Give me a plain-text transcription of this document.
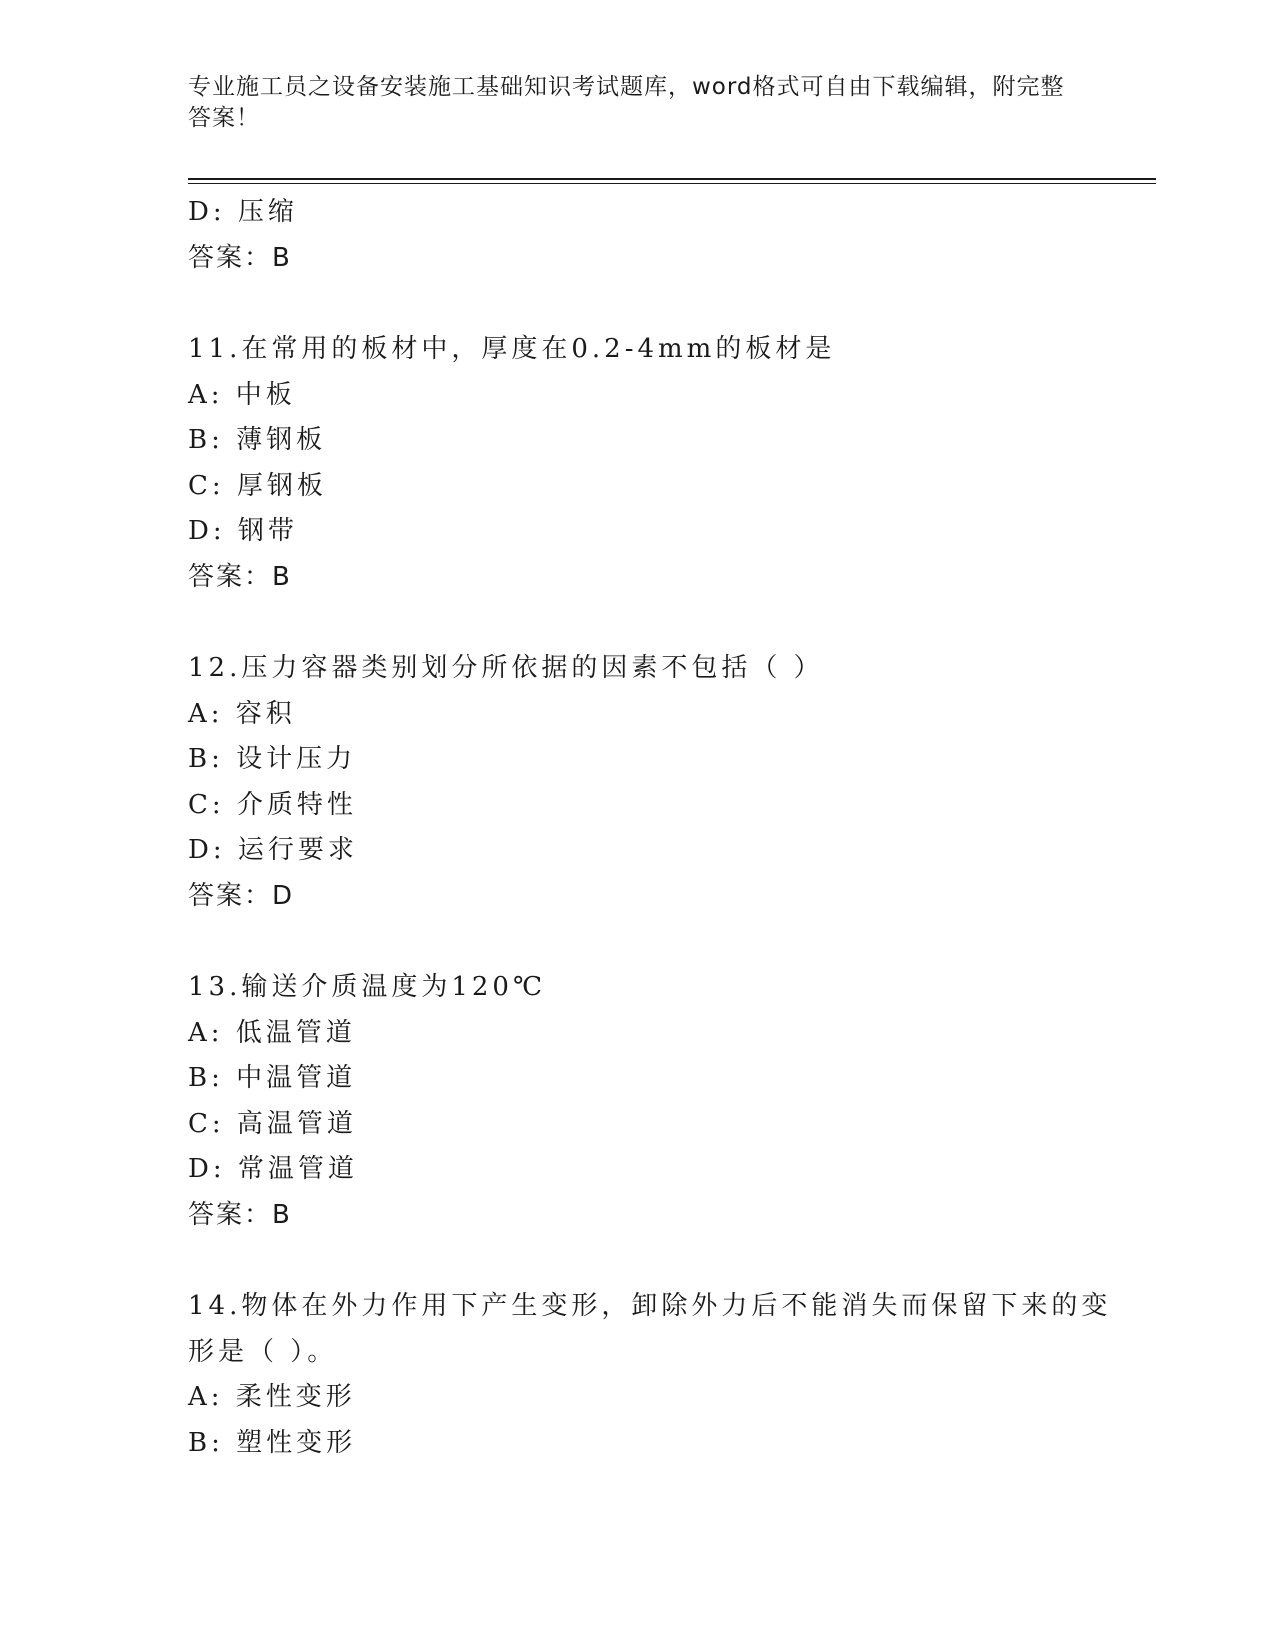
专业施工员之设备安装施工基础知识考试题库，word格式可自由下载编辑，附完整答案！
D: 压缩
答案：B
11.在常用的板材中，厚度在0.2-4mm的板材是
A: 中板
B: 薄钢板
C: 厚钢板
D: 钢带
答案：B
12.压力容器类别划分所依据的因素不包括（ ）
A: 容积
B: 设计压力
C: 介质特性
D: 运行要求
答案：D
13.输送介质温度为120℃
A: 低温管道
B: 中温管道
C: 高温管道
D: 常温管道
答案：B
14.物体在外力作用下产生变形，卸除外力后不能消失而保留下来的变
形是（ ）。
A: 柔性变形
B: 塑性变形
